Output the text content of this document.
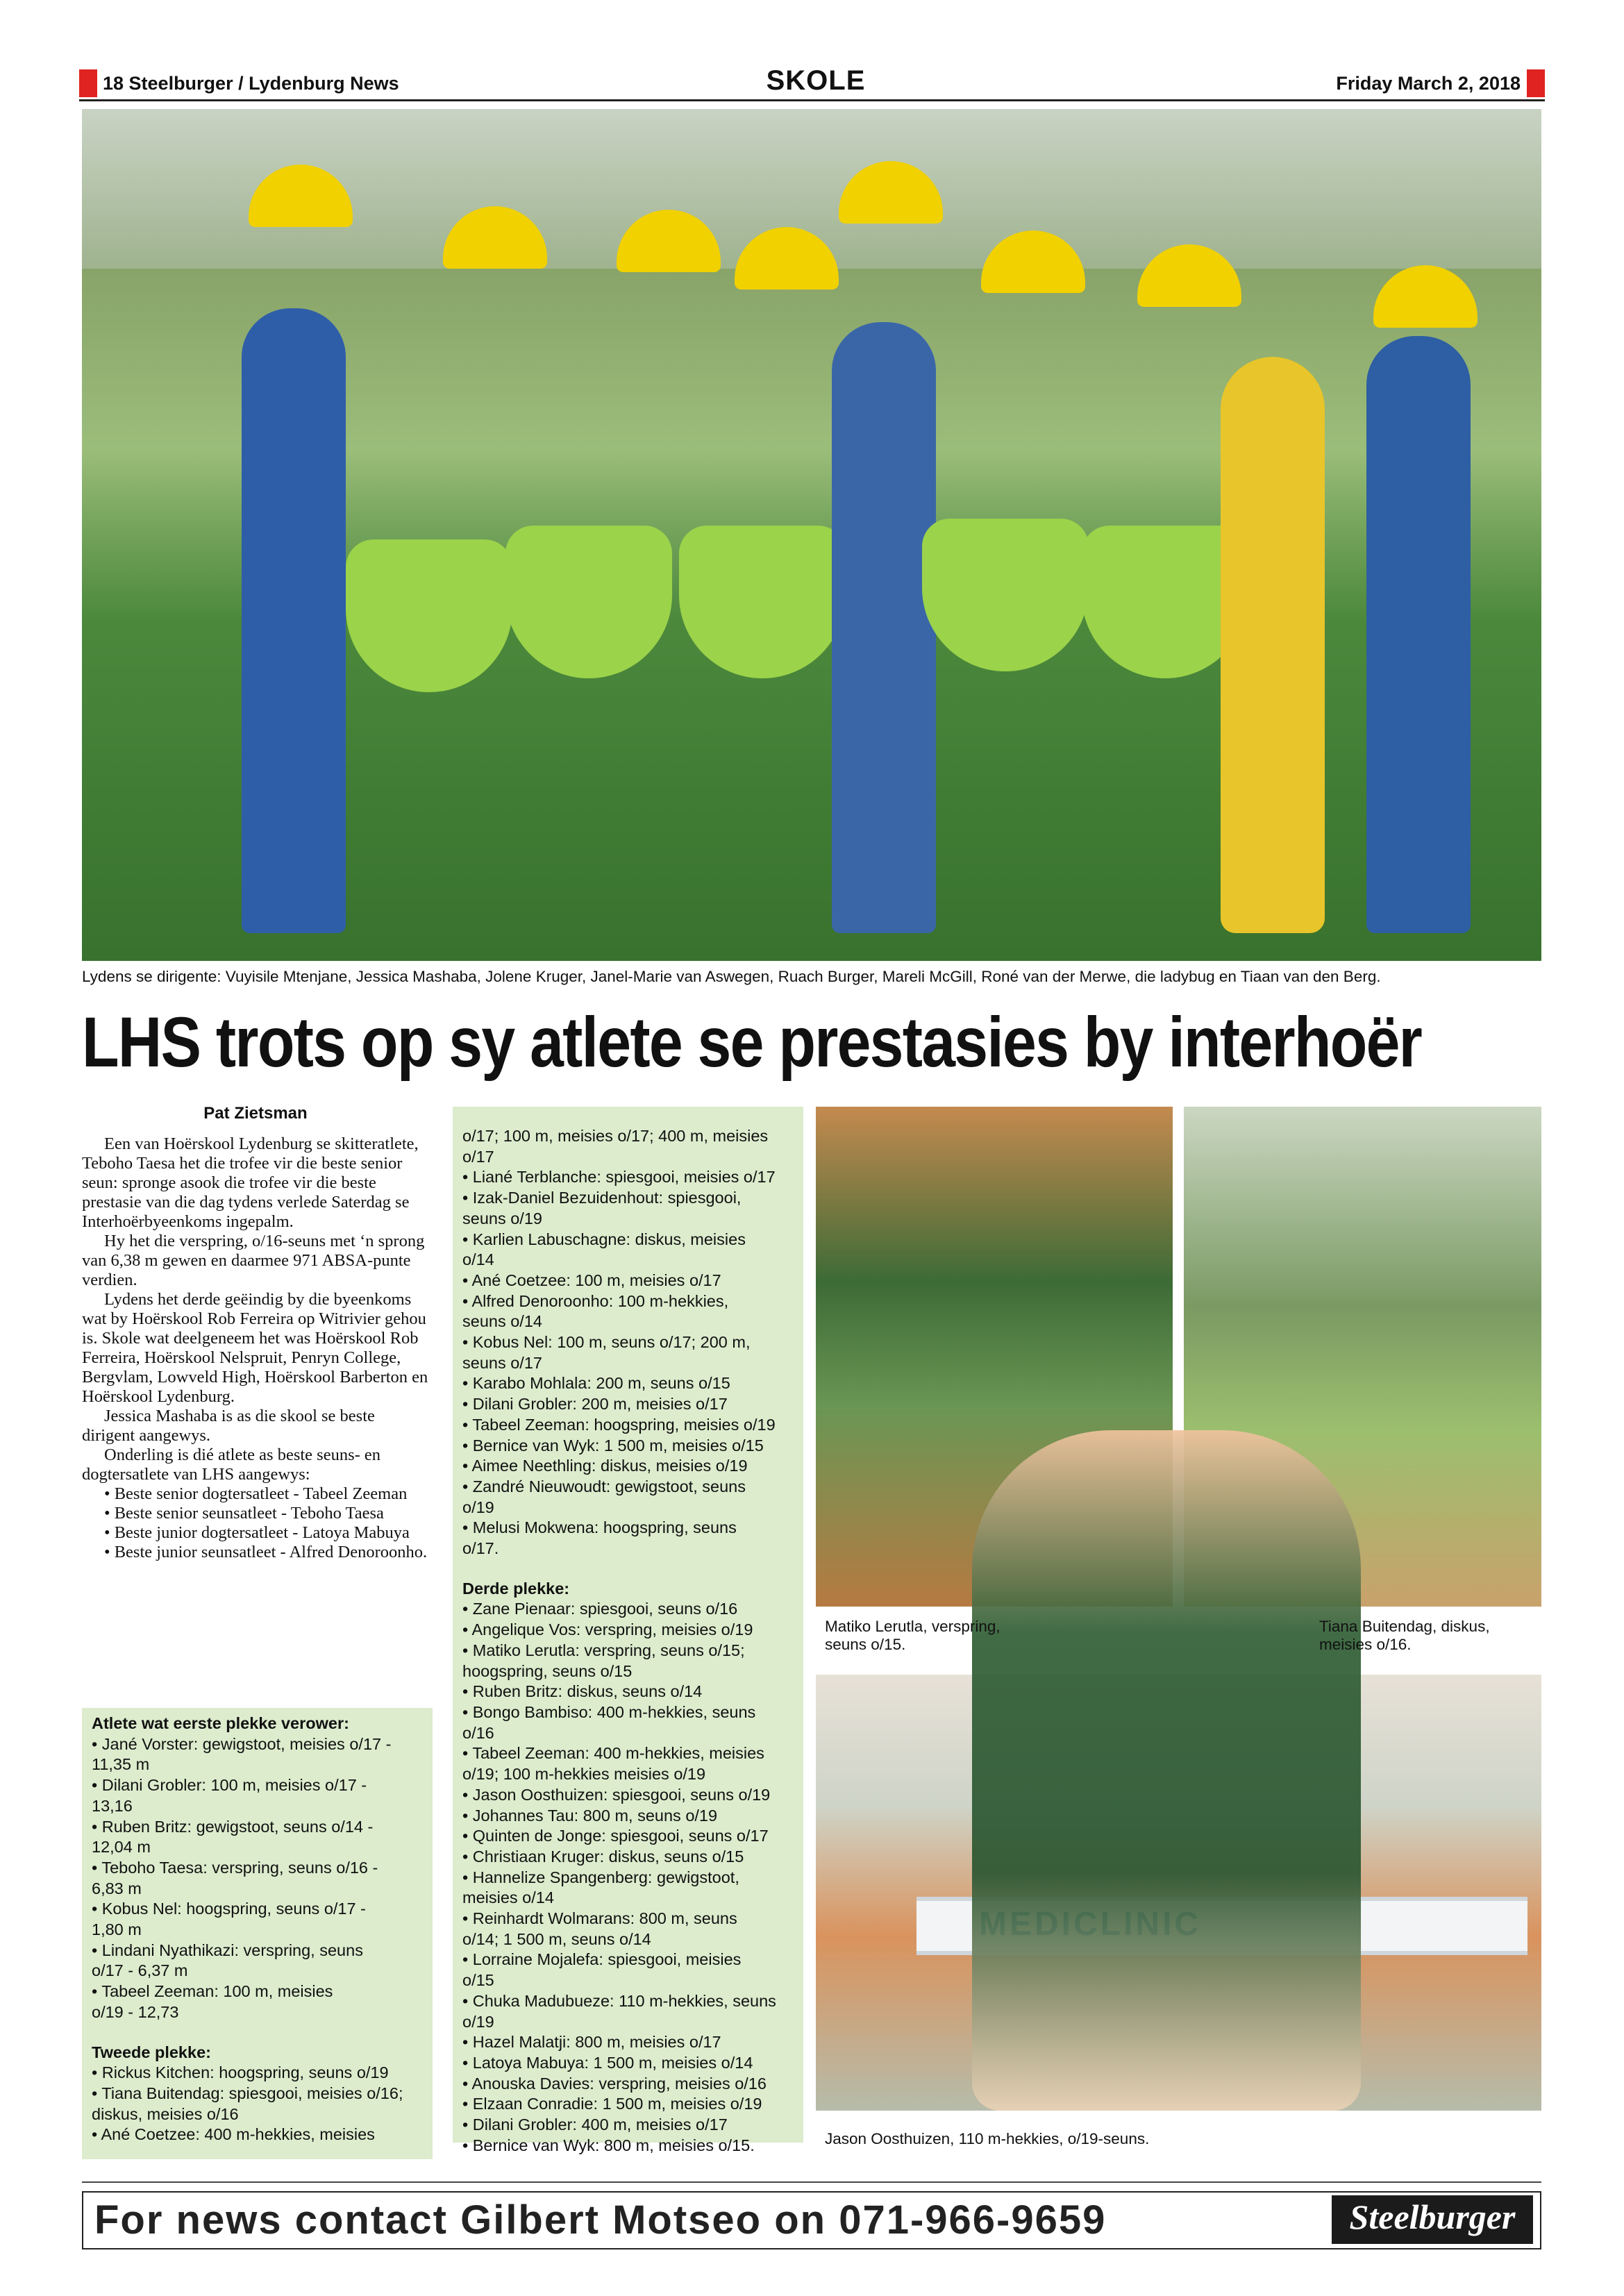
18 Steelburger / Lydenburg News	SKOLE	Friday March 2, 2018
Lydens se dirigente: Vuyisile Mtenjane, Jessica Mashaba, Jolene Kruger, Janel-Marie van Aswegen, Ruach Burger, Mareli McGill, Roné van der Merwe, die ladybug en Tiaan van den Berg.
LHS trots op sy atlete se prestasies by interhoër
Pat Zietsman

Een van Hoërskool Lydenburg se skitteratlete, Teboho Taesa het die trofee vir die beste senior seun: spronge asook die trofee vir die beste prestasie van die dag tydens verlede Saterdag se Interhoërbyeenkoms ingepalm.

Hy het die verspring, o/16-seuns met ‘n sprong van 6,38 m gewen en daarmee 971 ABSA-punte verdien.

Lydens het derde geëindig by die byeenkoms wat by Hoërskool Rob Ferreira op Witrivier gehou is. Skole wat deelgeneem het was Hoërskool Rob Ferreira, Hoërskool Nelspruit, Penryn College, Bergvlam, Lowveld High, Hoërskool Barberton en Hoërskool Lydenburg.

Jessica Mashaba is as die skool se beste dirigent aangewys.

Onderling is dié atlete as beste seuns- en dogtersatlete van LHS aangewys:

• Beste senior dogtersatleet - Tabeel Zeeman

• Beste senior seunsatleet - Teboho Taesa

• Beste junior dogtersatleet - Latoya Mabuya

• Beste junior seunsatleet - Alfred Denoroonho.

Atlete wat eerste plekke verower:
• Jané Vorster: gewigstoot, meisies o/17 -
11,35 m
• Dilani Grobler: 100 m, meisies o/17 -
13,16
• Ruben Britz: gewigstoot, seuns o/14 -
12,04 m
• Teboho Taesa: verspring, seuns o/16 -
6,83 m
• Kobus Nel: hoogspring, seuns o/17 -
1,80 m
• Lindani Nyathikazi: verspring, seuns
o/17 - 6,37 m
• Tabeel Zeeman: 100 m, meisies
o/19 - 12,73
Tweede plekke:
• Rickus Kitchen: hoogspring, seuns o/19
• Tiana Buitendag: spiesgooi, meisies o/16;
diskus, meisies o/16
• Ané Coetzee: 400 m-hekkies, meisies
o/17; 100 m, meisies o/17; 400 m, meisies
o/17
• Liané Terblanche: spiesgooi, meisies o/17
• Izak-Daniel Bezuidenhout: spiesgooi,
seuns o/19
• Karlien Labuschagne: diskus, meisies
o/14
• Ané Coetzee: 100 m, meisies o/17
• Alfred Denoroonho: 100 m-hekkies,
seuns o/14
• Kobus Nel: 100 m, seuns o/17; 200 m,
seuns o/17
• Karabo Mohlala: 200 m, seuns o/15
• Dilani Grobler: 200 m, meisies o/17
• Tabeel Zeeman: hoogspring, meisies o/19
• Bernice van Wyk: 1 500 m, meisies o/15
• Aimee Neethling: diskus, meisies o/19
• Zandré Nieuwoudt: gewigstoot, seuns
o/19
• Melusi Mokwena: hoogspring, seuns
o/17.
Derde plekke:
• Zane Pienaar: spiesgooi, seuns o/16
• Angelique Vos: verspring, meisies o/19
• Matiko Lerutla: verspring, seuns o/15;
hoogspring, seuns o/15
• Ruben Britz: diskus, seuns o/14
• Bongo Bambiso: 400 m-hekkies, seuns
o/16
• Tabeel Zeeman: 400 m-hekkies, meisies
o/19; 100 m-hekkies meisies o/19
• Jason Oosthuizen: spiesgooi, seuns o/19
• Johannes Tau: 800 m, seuns o/19
• Quinten de Jonge: spiesgooi, seuns o/17
• Christiaan Kruger: diskus, seuns o/15
• Hannelize Spangenberg: gewigstoot,
meisies o/14
• Reinhardt Wolmarans: 800 m, seuns
o/14; 1 500 m, seuns o/14
• Lorraine Mojalefa: spiesgooi, meisies
o/15
• Chuka Madubueze: 110 m-hekkies, seuns
o/19
• Hazel Malatji: 800 m, meisies o/17
• Latoya Mabuya: 1 500 m, meisies o/14
• Anouska Davies: verspring, meisies o/16
• Elzaan Conradie: 1 500 m, meisies o/19
• Dilani Grobler: 400 m, meisies o/17
• Bernice van Wyk: 800 m, meisies o/15.
Matiko Lerutla, verspring,
seuns o/15.
Tiana Buitendag, diskus,
meisies o/16.
Jason Oosthuizen, 110 m-hekkies, o/19-seuns.
For news contact Gilbert Motseo on 071-966-9659	Steelburger
